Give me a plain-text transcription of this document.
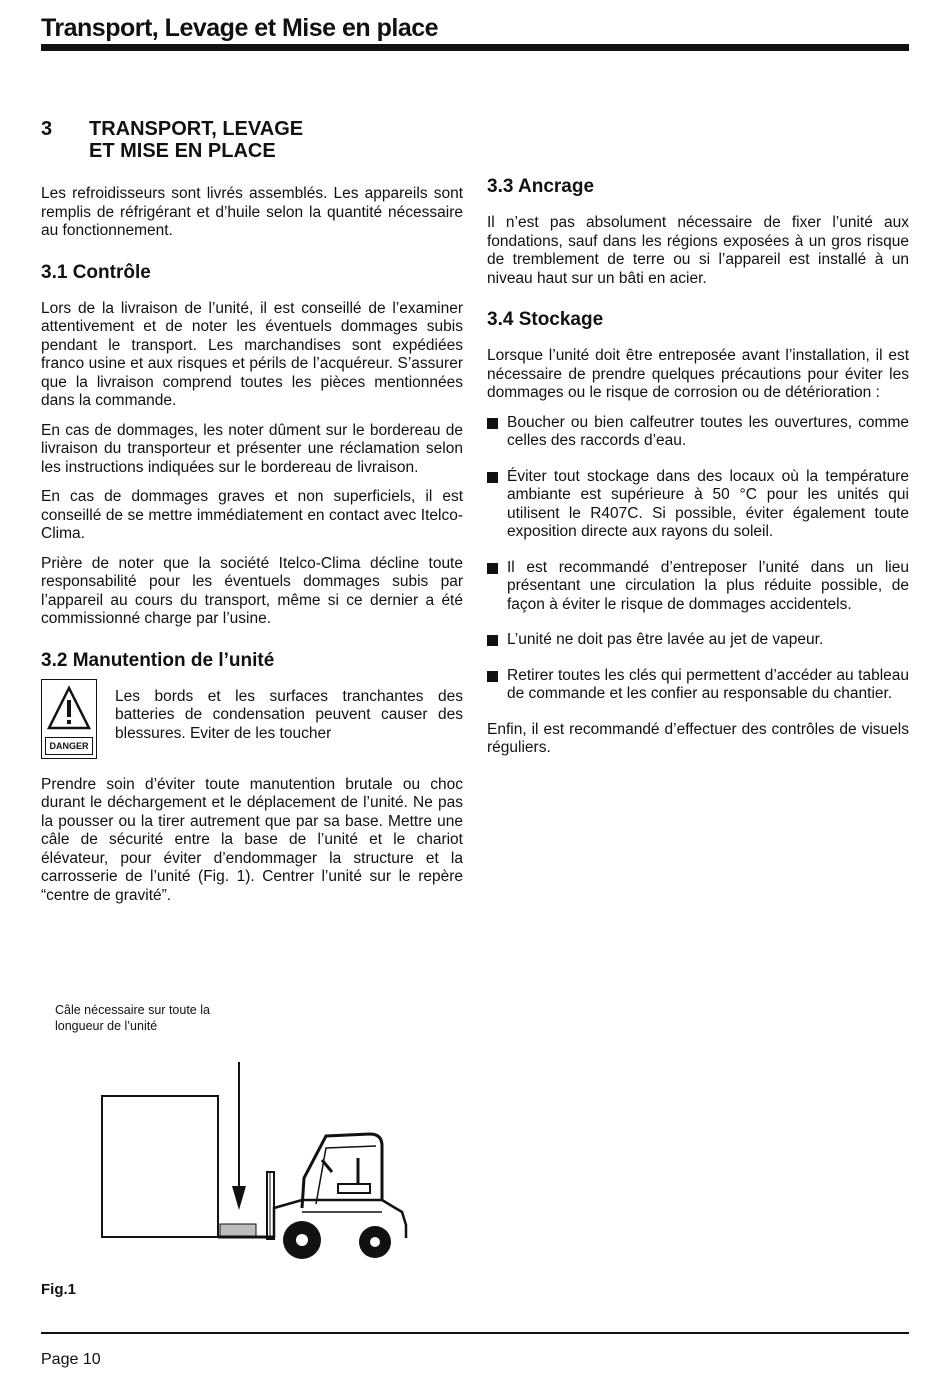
Transport, Levage et Mise en place
3	TRANSPORT, LEVAGE
ET MISE EN PLACE

Les refroidisseurs sont livrés assemblés. Les appareils sont remplis de réfrigérant et d’huile selon la quantité nécessaire au fonctionnement.

3.1 Contrôle

Lors de la livraison de l’unité, il est conseillé de l’examiner attentivement et de noter les éventuels dommages subis pendant le transport. Les marchandises sont expédiées franco usine et aux risques et périls de l’acquéreur. S’assurer que la livraison comprend toutes les pièces mentionnées dans la commande.

En cas de dommages, les noter dûment sur le bordereau de livraison du transporteur et présenter une réclamation selon les instructions indiquées sur le bordereau de livraison.

En cas de dommages graves et non superficiels, il est conseillé de se mettre immédiatement en contact avec Itelco-Clima.

Prière de noter que la société Itelco-Clima décline toute responsabilité pour les éventuels dommages subis par l’appareil au cours du transport, même si ce dernier a été commissionné charge par l’usine.

3.2 Manutention de l’unité
DANGER

Les bords et les surfaces tranchantes des batteries de condensation peuvent causer des blessures. Eviter de les toucher

Prendre soin d’éviter toute manutention brutale ou choc durant le déchargement et le déplacement de l’unité. Ne pas la pousser ou la tirer autrement que par sa base. Mettre une câle de sécurité entre la base de l’unité et le chariot élévateur, pour éviter d’endommager la structure et la carrosserie de l’unité (Fig. 1). Centrer l’unité sur le repère “centre de gravité”.

3.3 Ancrage

Il n’est pas absolument nécessaire de fixer l’unité aux fondations, sauf dans les régions exposées à un gros risque de tremblement de terre ou si l’appareil est installé à un niveau haut sur un bâti en acier.

3.4 Stockage

Lorsque l’unité doit être entreposée avant l’installation, il est nécessaire de prendre quelques précautions pour éviter les dommages ou le risque de corrosion ou de détérioration :

Boucher ou bien calfeutrer toutes les ouvertures, comme celles des raccords d’eau.
Éviter tout stockage dans des locaux où la température ambiante est supérieure à 50 °C pour les unités qui utilisent le R407C. Si possible, éviter également toute exposition directe aux rayons du soleil.
Il est recommandé d’entreposer l’unité dans un lieu présentant une circulation la plus réduite possible, de façon à éviter le risque de dommages accidentels.
L’unité ne doit pas être lavée au jet de vapeur.
Retirer toutes les clés qui permettent d’accéder au tableau de commande et les confier au responsable du chantier.

Enfin, il est recommandé d’effectuer des contrôles de visuels réguliers.

Câle nécessaire sur toute la longueur de l’unité
Fig.1
Page 10
